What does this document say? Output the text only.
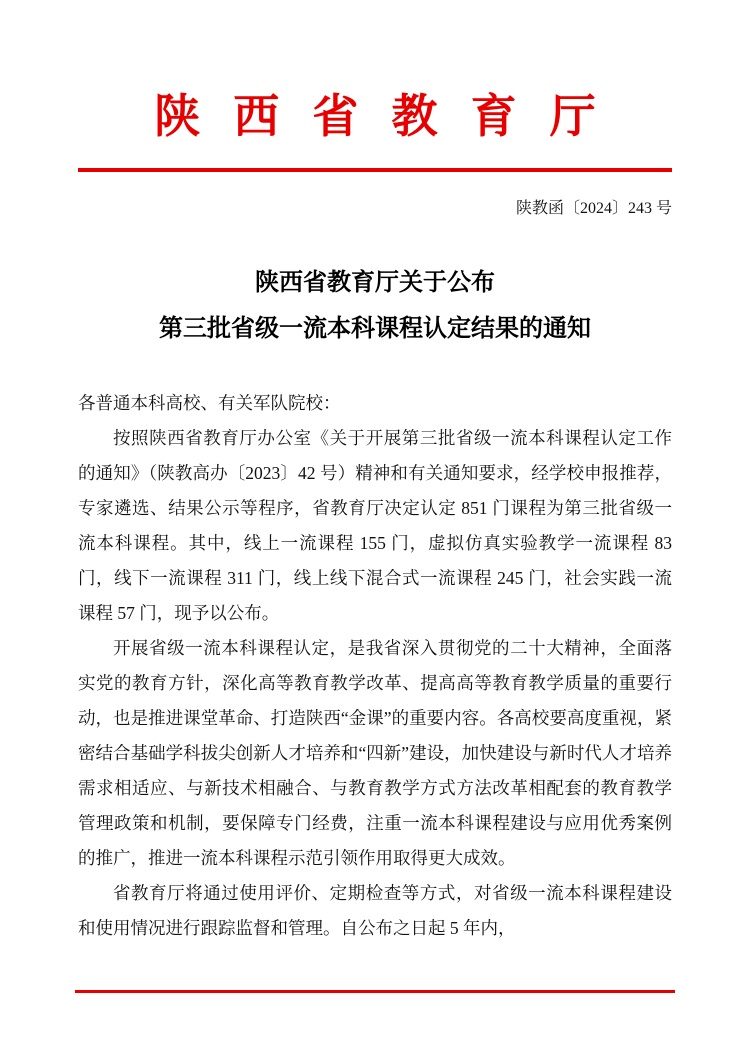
陕西省教育厅
陕教函〔2024〕243 号
陕西省教育厅关于公布
第三批省级一流本科课程认定结果的通知

各普通本科高校、有关军队院校：

按照陕西省教育厅办公室《关于开展第三批省级一流本科课程认定工作的通知》（陕教高办〔2023〕42 号）精神和有关通知要求，经学校申报推荐，专家遴选、结果公示等程序，省教育厅决定认定 851 门课程为第三批省级一流本科课程。其中，线上一流课程 155 门，虚拟仿真实验教学一流课程 83 门，线下一流课程 311 门，线上线下混合式一流课程 245 门，社会实践一流课程 57 门，现予以公布。

开展省级一流本科课程认定，是我省深入贯彻党的二十大精神，全面落实党的教育方针，深化高等教育教学改革、提高高等教育教学质量的重要行动，也是推进课堂革命、打造陕西“金课”的重要内容。各高校要高度重视，紧密结合基础学科拔尖创新人才培养和“四新”建设，加快建设与新时代人才培养需求相适应、与新技术相融合、与教育教学方式方法改革相配套的教育教学管理政策和机制，要保障专门经费，注重一流本科课程建设与应用优秀案例的推广，推进一流本科课程示范引领作用取得更大成效。

省教育厅将通过使用评价、定期检查等方式，对省级一流本科课程建设和使用情况进行跟踪监督和管理。自公布之日起 5 年内，
